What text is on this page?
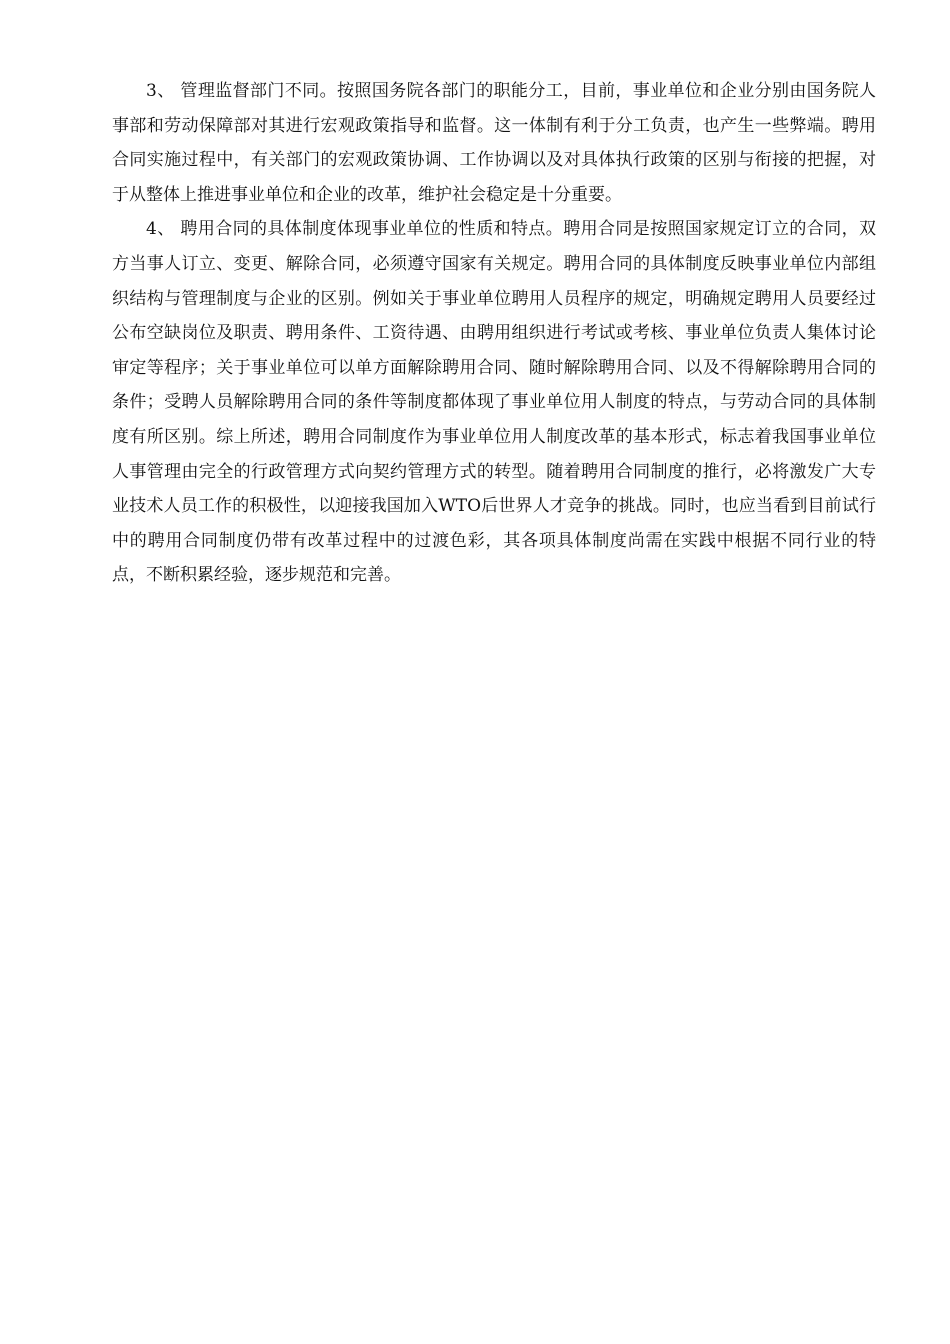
3、 管理监督部门不同。按照国务院各部门的职能分工，目前，事业单位和企业分别由国务院人事部和劳动保障部对其进行宏观政策指导和监督。这一体制有利于分工负责，也产生一些弊端。聘用合同实施过程中，有关部门的宏观政策协调、工作协调以及对具体执行政策的区别与衔接的把握，对于从整体上推进事业单位和企业的改革，维护社会稳定是十分重要。

4、 聘用合同的具体制度体现事业单位的性质和特点。聘用合同是按照国家规定订立的合同，双方当事人订立、变更、解除合同，必须遵守国家有关规定。聘用合同的具体制度反映事业单位内部组织结构与管理制度与企业的区别。例如关于事业单位聘用人员程序的规定，明确规定聘用人员要经过公布空缺岗位及职责、聘用条件、工资待遇、由聘用组织进行考试或考核、事业单位负责人集体讨论审定等程序；关于事业单位可以单方面解除聘用合同、随时解除聘用合同、以及不得解除聘用合同的条件；受聘人员解除聘用合同的条件等制度都体现了事业单位用人制度的特点，与劳动合同的具体制度有所区别。综上所述，聘用合同制度作为事业单位用人制度改革的基本形式，标志着我国事业单位人事管理由完全的行政管理方式向契约管理方式的转型。随着聘用合同制度的推行，必将激发广大专业技术人员工作的积极性，以迎接我国加入WTO后世界人才竞争的挑战。同时，也应当看到目前试行中的聘用合同制度仍带有改革过程中的过渡色彩，其各项具体制度尚需在实践中根据不同行业的特点，不断积累经验，逐步规范和完善。
